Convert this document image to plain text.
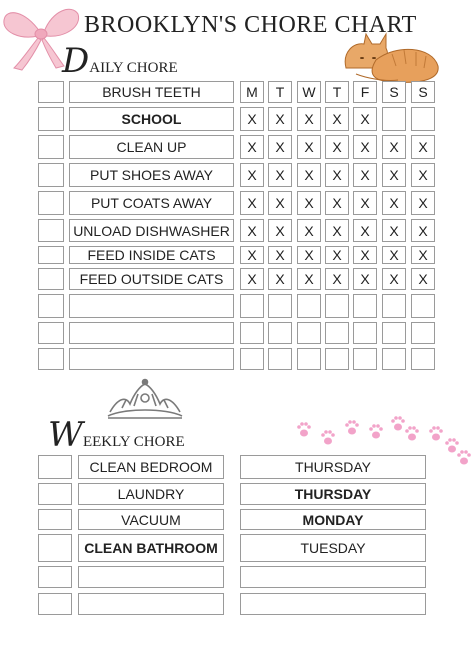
BROOKLYN'S CHORE CHART
DAILY CHORE
WEEKLY CHORE
M	T	W	T	F	S	S
BRUSH TEETH
SCHOOL	X	X	X	X	X
CLEAN UP	X	X	X	X	X	X	X
PUT SHOES AWAY	X	X	X	X	X	X	X
PUT COATS AWAY	X	X	X	X	X	X	X
UNLOAD DISHWASHER	X	X	X	X	X	X	X
FEED INSIDE CATS	X	X	X	X	X	X	X
FEED OUTSIDE CATS	X	X	X	X	X	X	X
CLEAN BEDROOM	THURSDAY
LAUNDRY	THURSDAY
VACUUM	MONDAY
CLEAN BATHROOM	TUESDAY
